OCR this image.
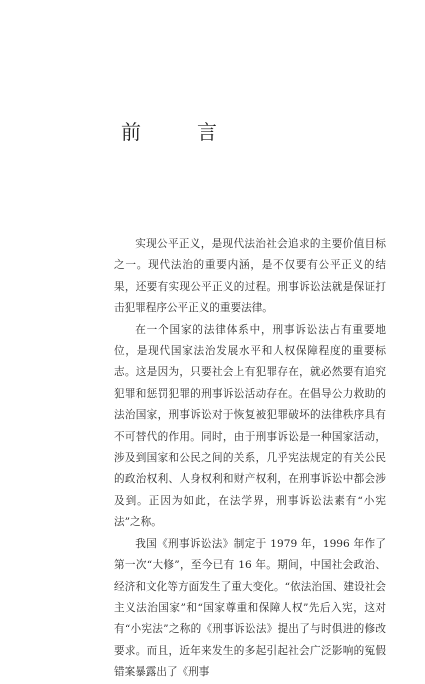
前　言

实现公平正义，是现代法治社会追求的主要价值目标之一。现代法治的重要内涵，是不仅要有公平正义的结果，还要有实现公平正义的过程。刑事诉讼法就是保证打击犯罪程序公平正义的重要法律。

在一个国家的法律体系中，刑事诉讼法占有重要地位，是现代国家法治发展水平和人权保障程度的重要标志。这是因为，只要社会上有犯罪存在，就必然要有追究犯罪和惩罚犯罪的刑事诉讼活动存在。在倡导公力救助的法治国家，刑事诉讼对于恢复被犯罪破坏的法律秩序具有不可替代的作用。同时，由于刑事诉讼是一种国家活动，涉及到国家和公民之间的关系，几乎宪法规定的有关公民的政治权利、人身权利和财产权利，在刑事诉讼中都会涉及到。正因为如此，在法学界，刑事诉讼法素有“小宪法”之称。

我国《刑事诉讼法》制定于 1979 年，1996 年作了第一次“大修”，至今已有 16 年。期间，中国社会政治、经济和文化等方面发生了重大变化。“依法治国、建设社会主义法治国家”和“国家尊重和保障人权”先后入宪，这对有“小宪法”之称的《刑事诉讼法》提出了与时俱进的修改要求。而且，近年来发生的多起引起社会广泛影响的冤假错案暴露出了《刑事
